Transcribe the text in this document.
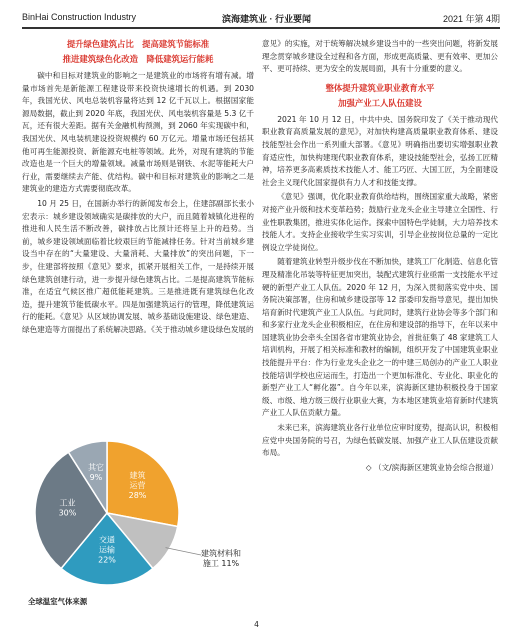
BinHai Construction Industry	滨海建筑业 · 行业要闻	2021 年第 4期

提升绿色建筑占比　提高建筑节能标准

推进建筑绿色化改造　降低建筑运行能耗

碳中和目标对建筑业的影响之一是建筑业的市场将有增有减。增量市场首先是新能源工程建设带来投资快速增长的机遇。到 2030 年，我国光伏、风电总装机容量将达到 12 亿千瓦以上。根据国家能源局数据，截止到 2020 年底，我国光伏、风电装机容量是 5.3 亿千瓦，还有很大差距。据有关金融机构预测，到 2060 年实现碳中和，我国光伏、风电装机建设投资规模约 60 万亿元。增量市场还包括其他可再生能源投资、新能源充电桩等领域。此外，对现有建筑的节能改造也是一个巨大的增量领域。减量市场则是钢铁、水泥等能耗大户行业，需要继续去产能、优结构。碳中和目标对建筑业的影响之二是建筑业的建造方式需要彻底改革。

10 月 25 日，在国新办举行的新闻发布会上，住建部副部长张小宏表示：城乡建设领域确实是碳排放的大户，而且随着城镇化进程的推进和人民生活不断改善，碳排放占比预计还将呈上升的趋势。当前，城乡建设领域面临着比较艰巨的节能减排任务。针对当前城乡建设当中存在的“大量建设、大量消耗、大量排放”的突出问题，下一步，住建部将按照《意见》要求，抓紧开展相关工作，一是持续开展绿色建筑创建行动，进一步提升绿色建筑占比。二是提高建筑节能标准，在适宜气候区推广超低能耗建筑。三是推进既有建筑绿色化改造，提升建筑节能低碳水平。四是加强建筑运行的管理，降低建筑运行的能耗。《意见》从区域协调发展、城乡基础设施建设、绿色建造、绿色建造等方面提出了系统解决思路。《关于推动城乡建设绿色发展的

建筑运营 28%
建筑材料和施工 11%
交通运输 22%
工业 30%
其它 9%
全球温室气体来源

意见》的实施，对于统筹解决城乡建设当中的一些突出问题，将新发展理念贯穿城乡建设全过程和各方面，形成更高质量、更有效率、更加公平、更可持续、更为安全的发展局面，具有十分重要的意义。

整体提升建筑业职业教育水平

加强产业工人队伍建设

2021 年 10 月 12 日，中共中央、国务院印发了《关于推动现代职业教育高质量发展的意见》，对加快构建高质量职业教育体系、建设技能型社会作出一系列重大部署。《意见》明确指出要切实增强职业教育适应性，加快构建现代职业教育体系，建设技能型社会，弘扬工匠精神，培养更多高素质技术技能人才、能工巧匠、大国工匠，为全面建设社会主义现代化国家提供有力人才和技能支撑。

《意见》强调，优化职业教育供给结构，围绕国家重大战略，紧密对接产业升级和技术变革趋势；鼓励行业龙头企业主导建立全国性、行业性职教集团，推进实体化运作。探索中国特色学徒制，大力培养技术技能人才。支持企业接收学生实习实训，引导企业按岗位总量的一定比例设立学徒岗位。

随着建筑业转型升级步伐在不断加快，建筑工厂化制造、信息化管理及精准化吊装等特征更加突出，装配式建筑行业亟需一支技能水平过硬的新型产业工人队伍。2020 年 12 月，为深入贯彻落实党中央、国务院决策部署，住房和城乡建设部等 12 部委印发指导意见，提出加快培育新时代建筑产业工人队伍。与此同时，建筑行业协会等多个部门和和多家行业龙头企业积极相应，在住房和建设部的指导下，在年以来中国建筑业协会牵头全国各省市建筑业协会，首批征集了 48 家建筑工人培训机构，开展了相关标准和教材的编制，组织开发了中国建筑业职业技能提升平台：作为行业龙头企业之一的中建三局创办的产业工人职业技能培训学校也应运而生，打造出一个更加标准化、专业化、职业化的新型产业工人“孵化器”。自今年以来，滨海新区建协积极投身于国家级、市级、地方级三级行业职业大赛，为本地区建筑业培育新时代建筑产业工人队伍贡献力量。

未来已来，滨海建筑业各行业单位应审时度势，提高认识，积极相应党中央国务院的号召，为绿色低碳发展、加强产业工人队伍建设贡献布局。

◇ （文/滨海新区建筑业协会综合报道）

4
